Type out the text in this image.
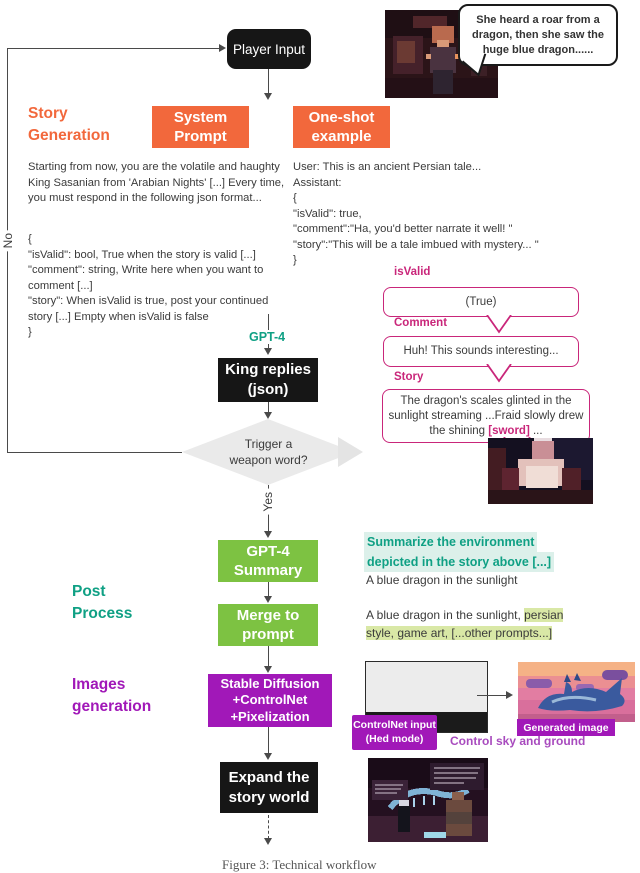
No
GPT-4
Yes
Player Input
She heard a roar from a dragon, then she saw the huge blue dragon......
Story
Generation
System
Prompt
One-shot
example
Starting from now, you are the volatile and haughty King Sasanian from 'Arabian Nights' [...] Every time, you must respond in the following json format...
{
"isValid": bool, True when the story is valid [...]
"comment": string, Write here when you want to comment [...]
"story": When isValid is true, post your continued story [...] Empty when isValid is false
}
User: This is an ancient Persian tale...
Assistant:
{
"isValid": true,
"comment":"Ha, you'd better narrate it well! "
"story":"This will be a tale imbued with mystery... "
}
King replies
(json)
Trigger a
weapon word?
isValid
(True)
Comment
Huh! This sounds interesting...
Story
The dragon's scales glinted in the sunlight streaming ...Fraid slowly drew the shining [sword] ...
Post
Process
GPT-4
Summary
Summarize the environment
depicted in the story above [...]
A blue dragon in the sunlight
Merge to
prompt
A blue dragon in the sunlight, persian style, game art, [...other prompts...]
Images
generation
Stable Diffusion
+ControlNet
+Pixelization
ControlNet input
(Hed mode)
Generated image
Control sky and ground
Expand the
story world
Figure 3: Technical workflow
